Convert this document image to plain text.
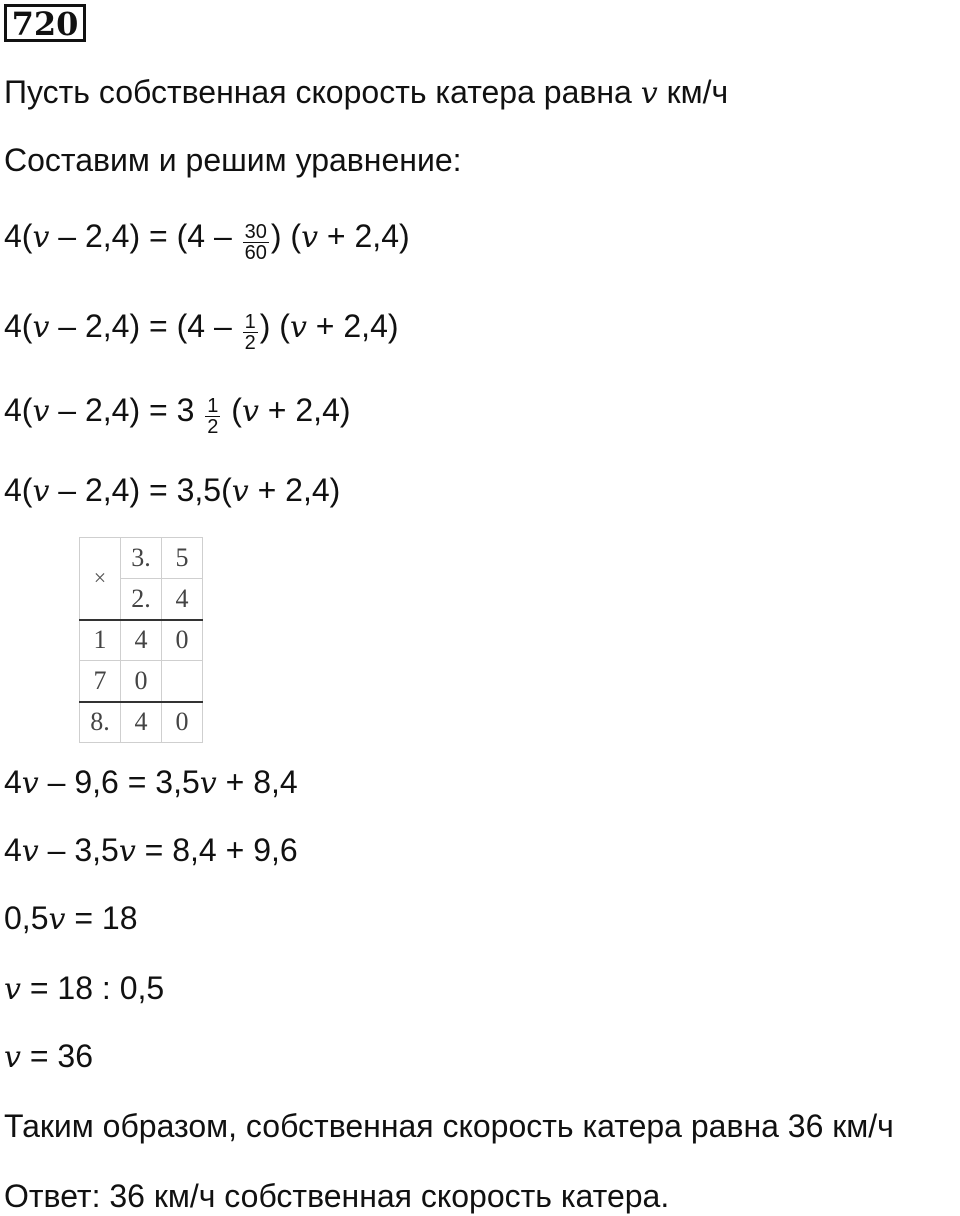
720
Пусть собственная скорость катера равна v км/ч
Составим и решим уравнение:
$4(v - 2,4) = (4 - \frac{30}{60}$ ) (v + 2,4)
$4(v - 2,4) = (4 - \frac{1}{2}$ ) (v + 2,4)
$4(v - 2,4) = 3 \frac{1}{2} (v + 2,4)$
4(v – 2,4) = 3,5(v + 2,4)
×	3.	5
	2.	4
1	4	0
7	0	
8.	4	0
4v – 9,6 = 3,5v + 8,4
4v – 3,5v = 8,4 + 9,6
0,5v = 18
v = 18 : 0,5
v = 36
Таким образом, собственная скорость катера равна 36 км/ч
Ответ: 36 км/ч собственная скорость катера.
